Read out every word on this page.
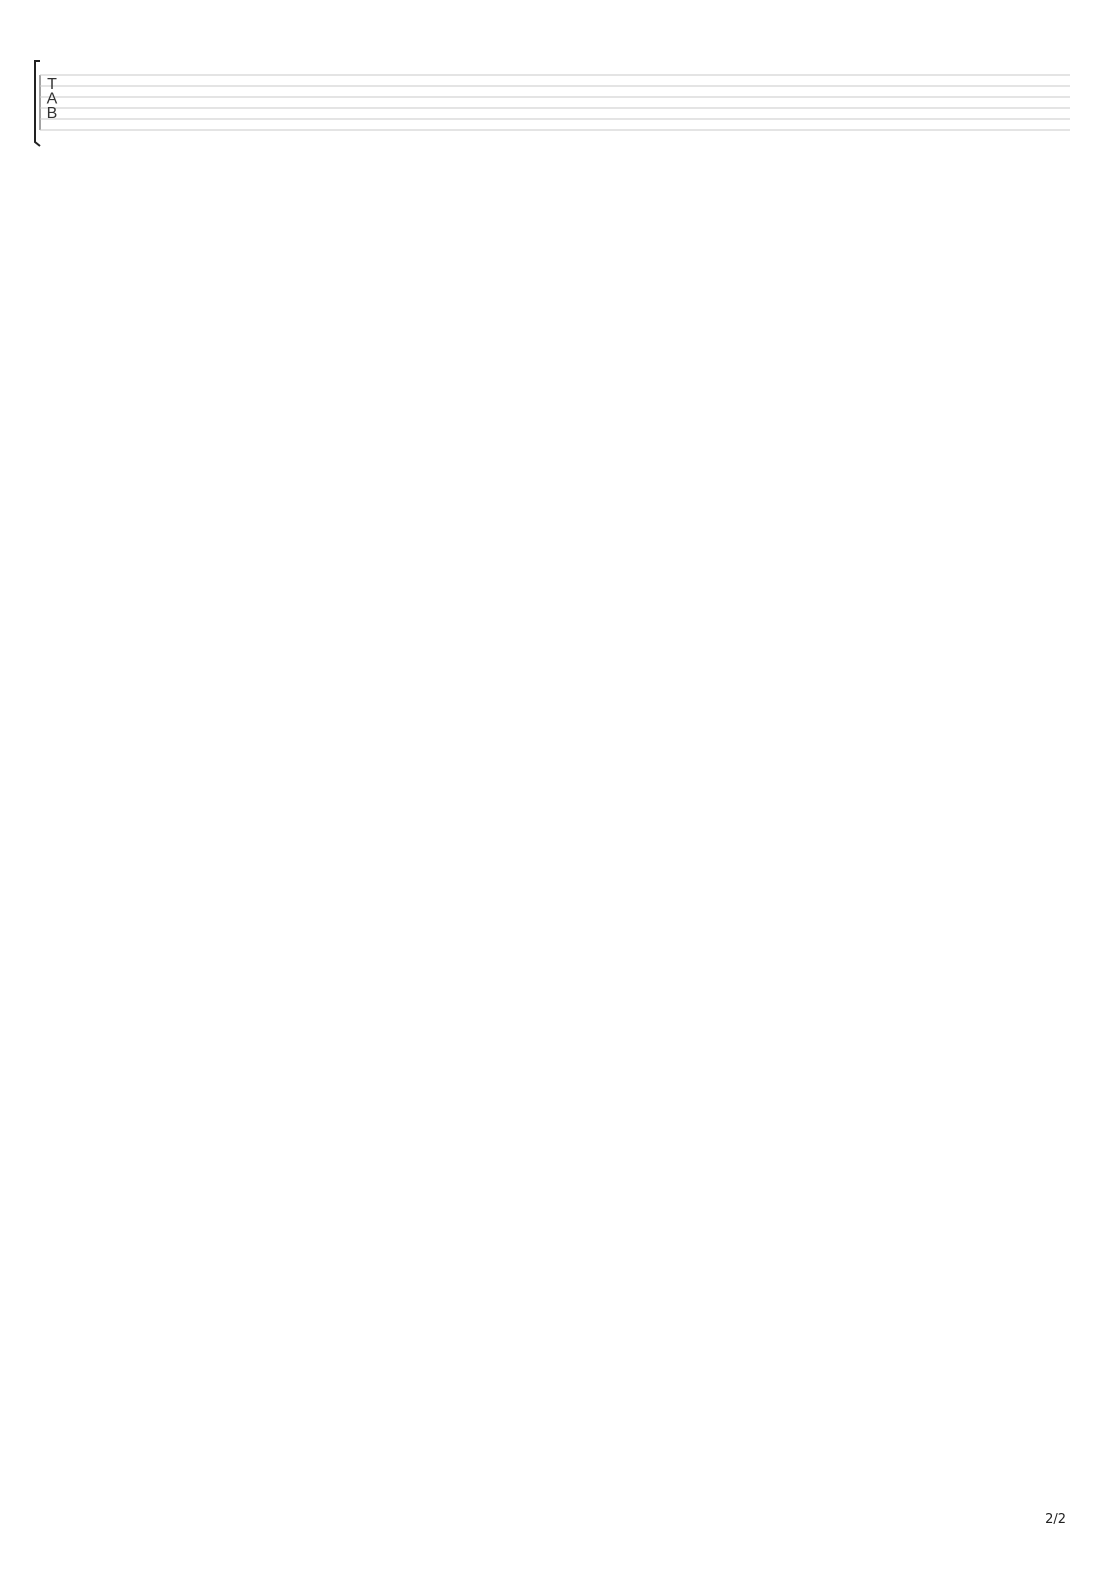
T
A
B
2/2
